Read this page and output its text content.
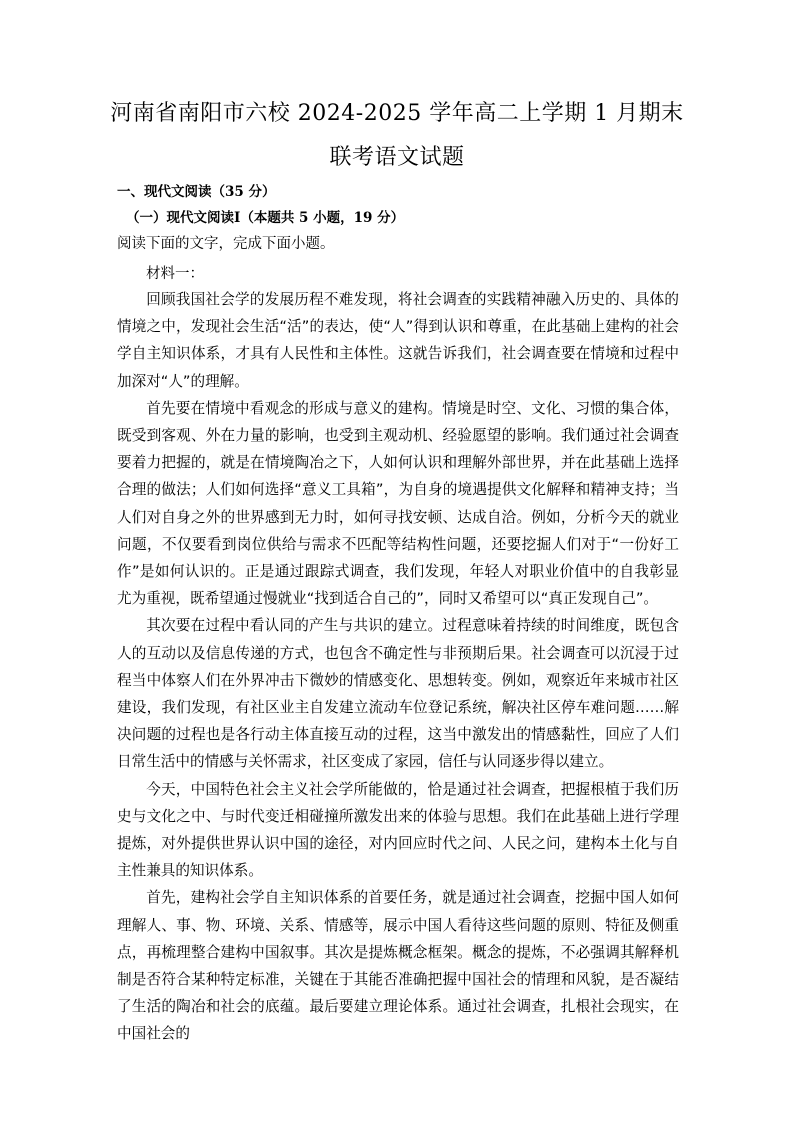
河南省南阳市六校 2024-2025 学年高二上学期 1 月期末
联考语文试题
一、现代文阅读（35 分）
（一）现代文阅读Ⅰ（本题共 5 小题，19 分）
阅读下面的文字，完成下面小题。
材料一：

回顾我国社会学的发展历程不难发现，将社会调查的实践精神融入历史的、具体的情境之中，发现社会生活“活”的表达，使“人”得到认识和尊重，在此基础上建构的社会学自主知识体系，才具有人民性和主体性。这就告诉我们，社会调查要在情境和过程中加深对“人”的理解。

首先要在情境中看观念的形成与意义的建构。情境是时空、文化、习惯的集合体，既受到客观、外在力量的影响，也受到主观动机、经验愿望的影响。我们通过社会调查要着力把握的，就是在情境陶冶之下，人如何认识和理解外部世界，并在此基础上选择合理的做法；人们如何选择“意义工具箱”，为自身的境遇提供文化解释和精神支持；当人们对自身之外的世界感到无力时，如何寻找安顿、达成自洽。例如，分析今天的就业问题，不仅要看到岗位供给与需求不匹配等结构性问题，还要挖掘人们对于“一份好工作”是如何认识的。正是通过跟踪式调查，我们发现，年轻人对职业价值中的自我彰显尤为重视，既希望通过慢就业“找到适合自己的”，同时又希望可以“真正发现自己”。

其次要在过程中看认同的产生与共识的建立。过程意味着持续的时间维度，既包含人的互动以及信息传递的方式，也包含不确定性与非预期后果。社会调查可以沉浸于过程当中体察人们在外界冲击下微妙的情感变化、思想转变。例如，观察近年来城市社区建设，我们发现，有社区业主自发建立流动车位登记系统，解决社区停车难问题……解决问题的过程也是各行动主体直接互动的过程，这当中激发出的情感黏性，回应了人们日常生活中的情感与关怀需求，社区变成了家园，信任与认同逐步得以建立。

今天，中国特色社会主义社会学所能做的，恰是通过社会调查，把握根植于我们历史与文化之中、与时代变迁相碰撞所激发出来的体验与思想。我们在此基础上进行学理提炼，对外提供世界认识中国的途径，对内回应时代之问、人民之问，建构本土化与自主性兼具的知识体系。

首先，建构社会学自主知识体系的首要任务，就是通过社会调查，挖掘中国人如何理解人、事、物、环境、关系、情感等，展示中国人看待这些问题的原则、特征及侧重点，再梳理整合建构中国叙事。其次是提炼概念框架。概念的提炼，不必强调其解释机制是否符合某种特定标准，关键在于其能否准确把握中国社会的情理和风貌，是否凝结了生活的陶冶和社会的底蕴。最后要建立理论体系。通过社会调查，扎根社会现实，在中国社会的
